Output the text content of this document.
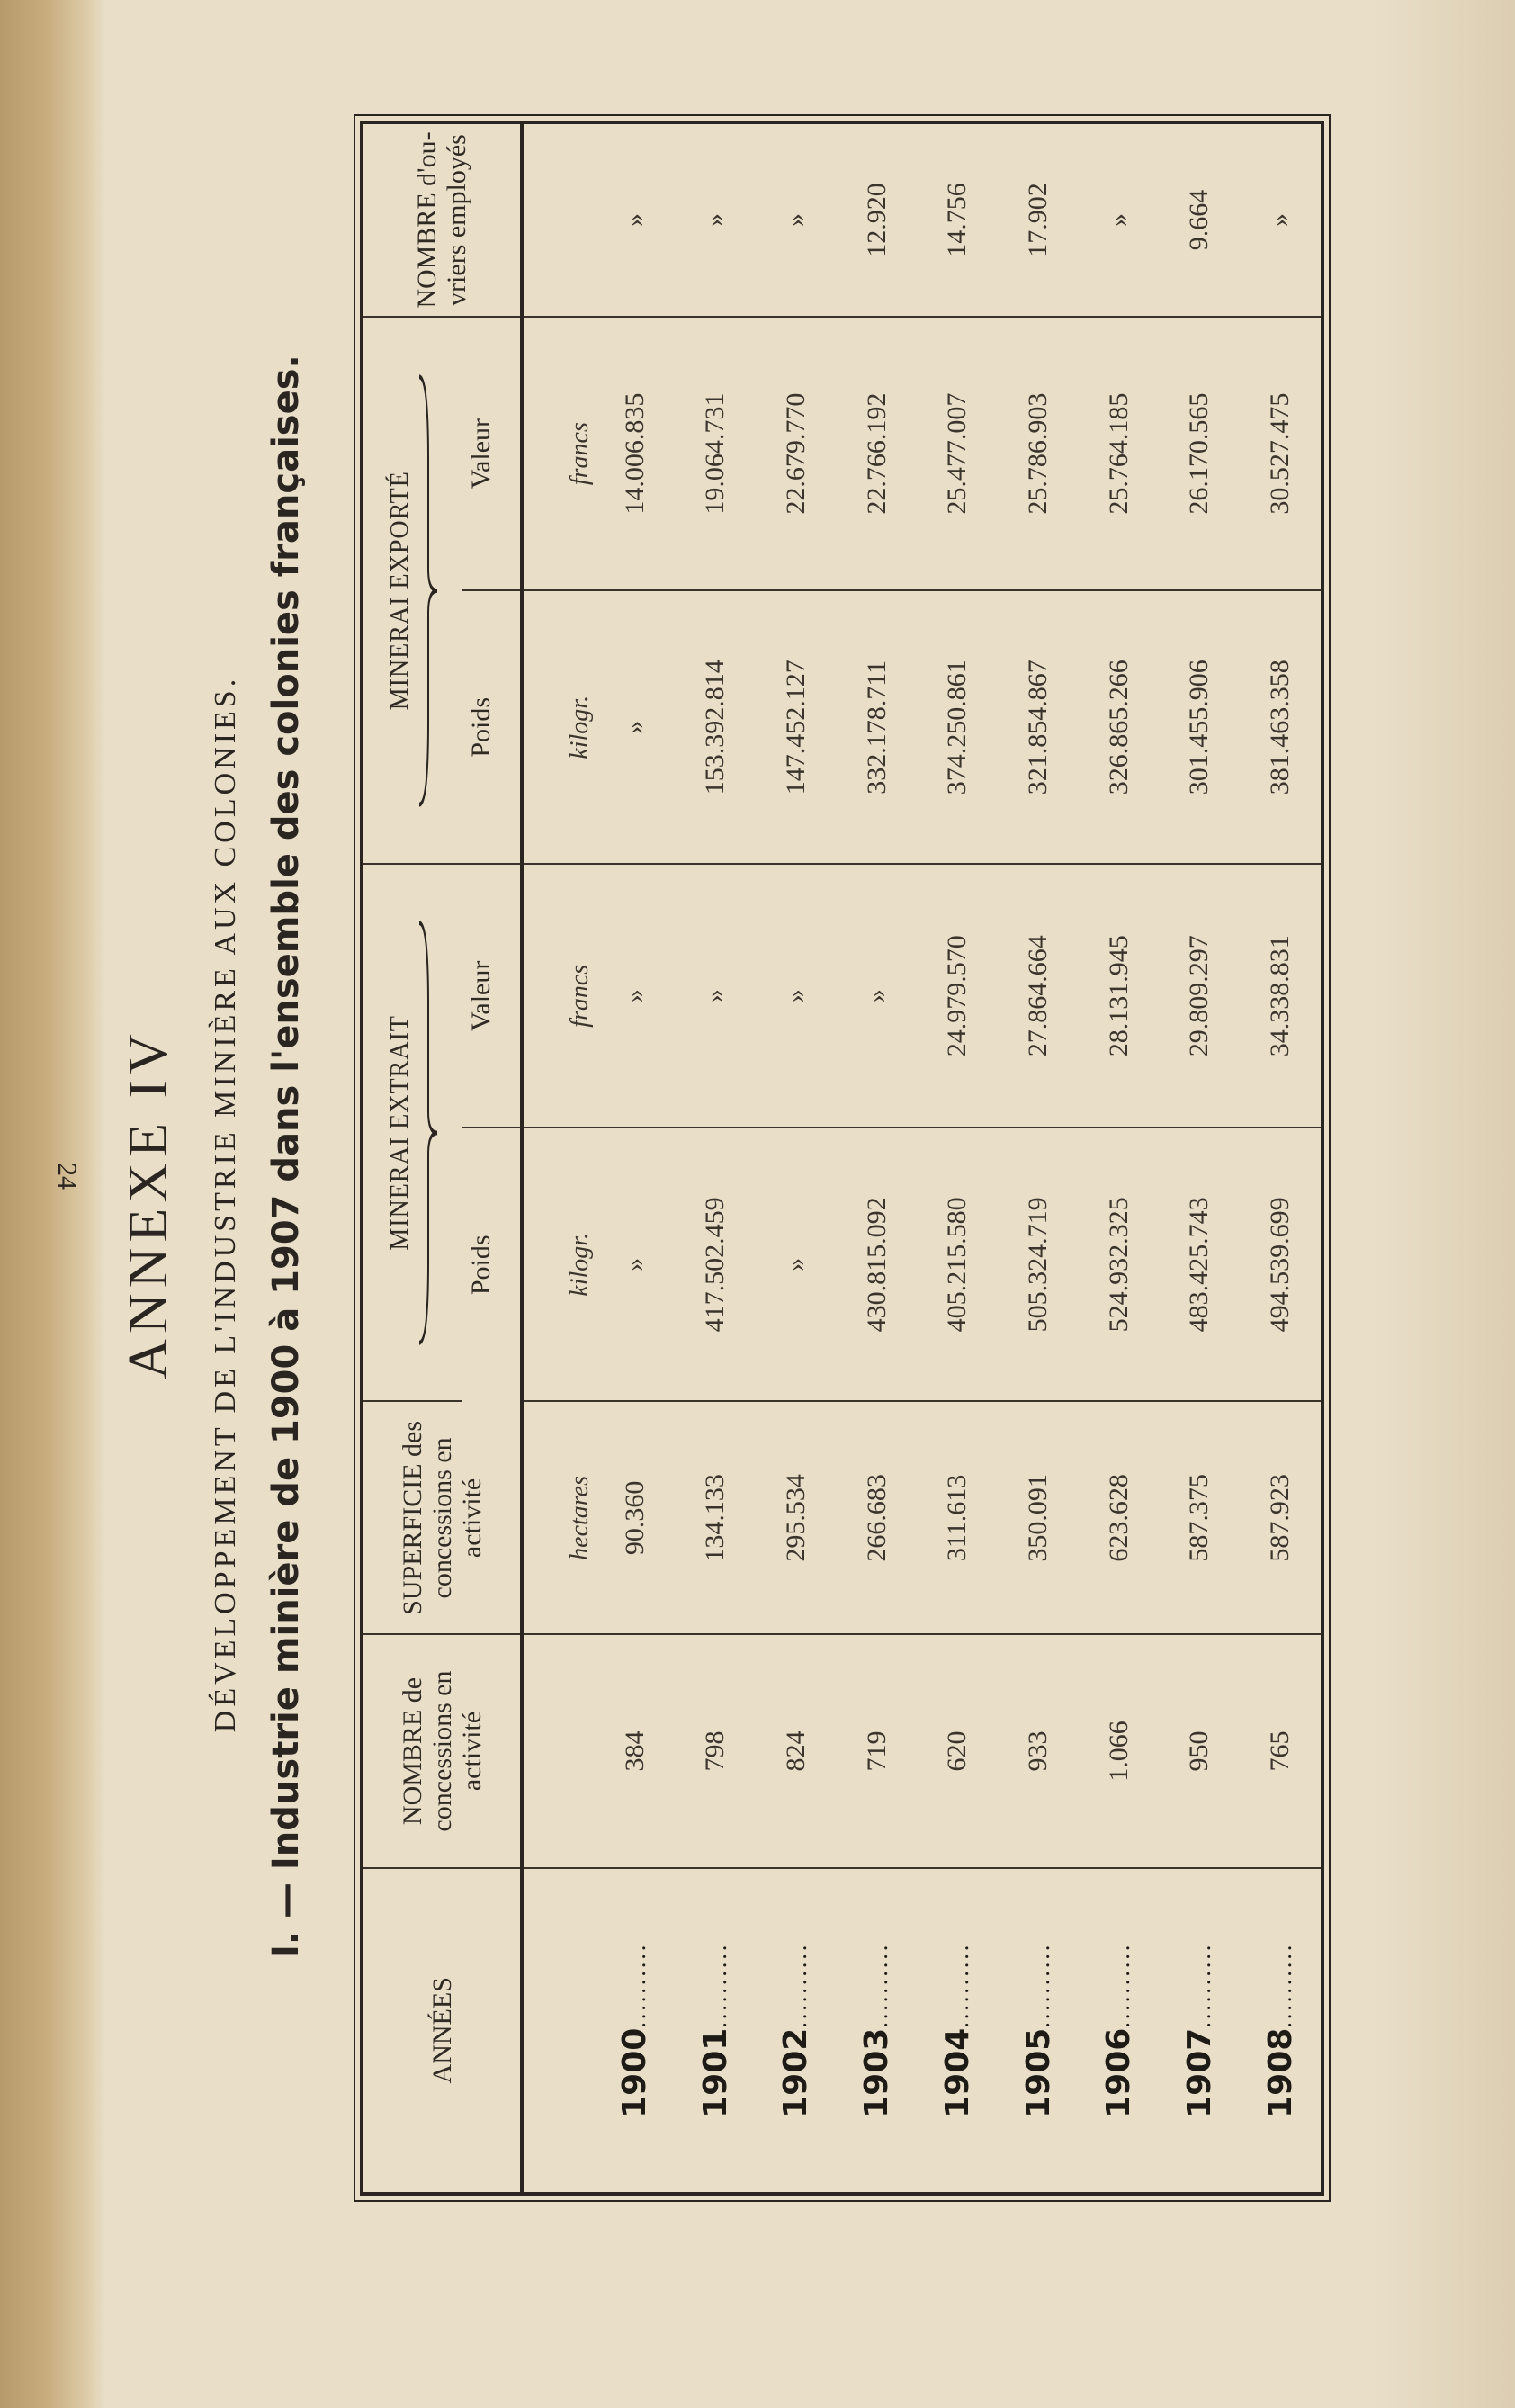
ANNEXE IV DÉVELOPPEMENT DE L'INDUSTRIE MINIÈRE AUX COLONIES. I. — Industrie minière de 1900 à 1907 dans l'ensemble des colonies françaises.
ANNÉES	NOMBRE de concessions en activité	SUPERFICIE des concessions en activité	MINERAI EXTRAIT		MINERAI EXPORTÉ		NOMBRE d'ou-vriers employés
			Poids	Valeur	Poids	Valeur	
		hectares	kilogr.	francs	kilogr.	francs	
1900..........	384	90.360	»	»	»	14.006.835	»
1901..........	798	134.133	417.502.459	»	153.392.814	19.064.731	»
1902..........	824	295.534	»	»	147.452.127	22.679.770	»
1903..........	719	266.683	430.815.092	»	332.178.711	22.766.192	12.920
1904..........	620	311.613	405.215.580	24.979.570	374.250.861	25.477.007	14.756
1905..........	933	350.091	505.324.719	27.864.664	321.854.867	25.786.903	17.902
1906..........	1.066	623.628	524.932.325	28.131.945	326.865.266	25.764.185	»
1907..........	950	587.375	483.425.743	29.809.297	301.455.906	26.170.565	9.664
1908..........	765	587.923	494.539.699	34.338.831	381.463.358	30.527.475	»
24
